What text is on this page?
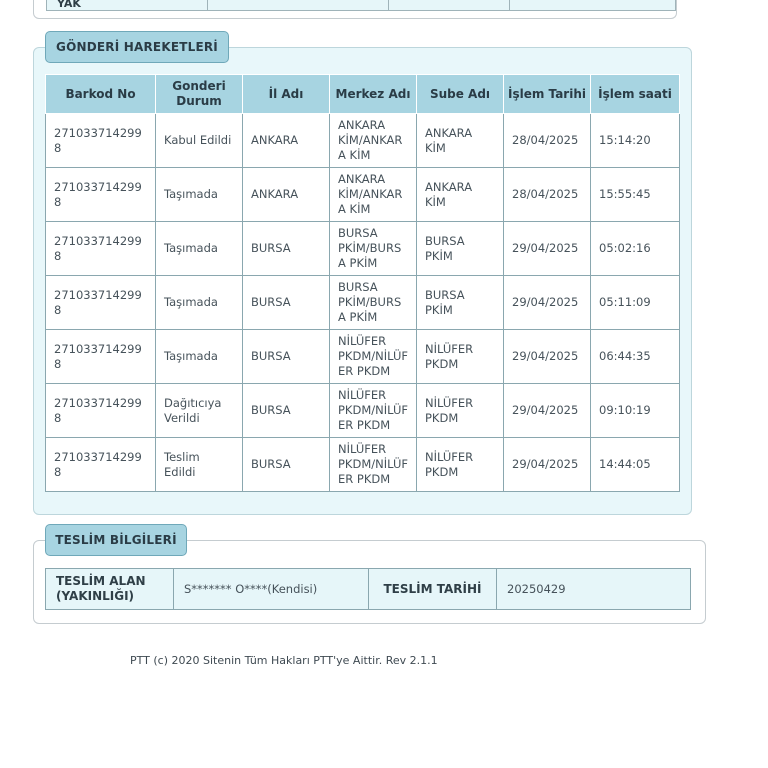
YAK			
GÖNDERİ HAREKETLERİ
Barkod No	Gonderi Durum	İl Adı	Merkez Adı	Sube Adı	İşlem Tarihi	İşlem saati
2710337142998	Kabul Edildi	ANKARA	ANKARA KİM/ANKARA KİM	ANKARA KİM	28/04/2025	15:14:20
2710337142998	Taşımada	ANKARA	ANKARA KİM/ANKARA KİM	ANKARA KİM	28/04/2025	15:55:45
2710337142998	Taşımada	BURSA	BURSA PKİM/BURSA PKİM	BURSA PKİM	29/04/2025	05:02:16
2710337142998	Taşımada	BURSA	BURSA PKİM/BURSA PKİM	BURSA PKİM	29/04/2025	05:11:09
2710337142998	Taşımada	BURSA	NİLÜFER PKDM/NİLÜFER PKDM	NİLÜFER PKDM	29/04/2025	06:44:35
2710337142998	Dağıtıcıya Verildi	BURSA	NİLÜFER PKDM/NİLÜFER PKDM	NİLÜFER PKDM	29/04/2025	09:10:19
2710337142998	Teslim Edildi	BURSA	NİLÜFER PKDM/NİLÜFER PKDM	NİLÜFER PKDM	29/04/2025	14:44:05
TESLİM BİLGİLERİ
TESLİM ALAN (YAKINLIĞI)	S******* O****(Kendisi)	TESLİM TARİHİ	20250429
PTT (c) 2020 Sitenin Tüm Hakları PTT'ye Aittir. Rev 2.1.1
